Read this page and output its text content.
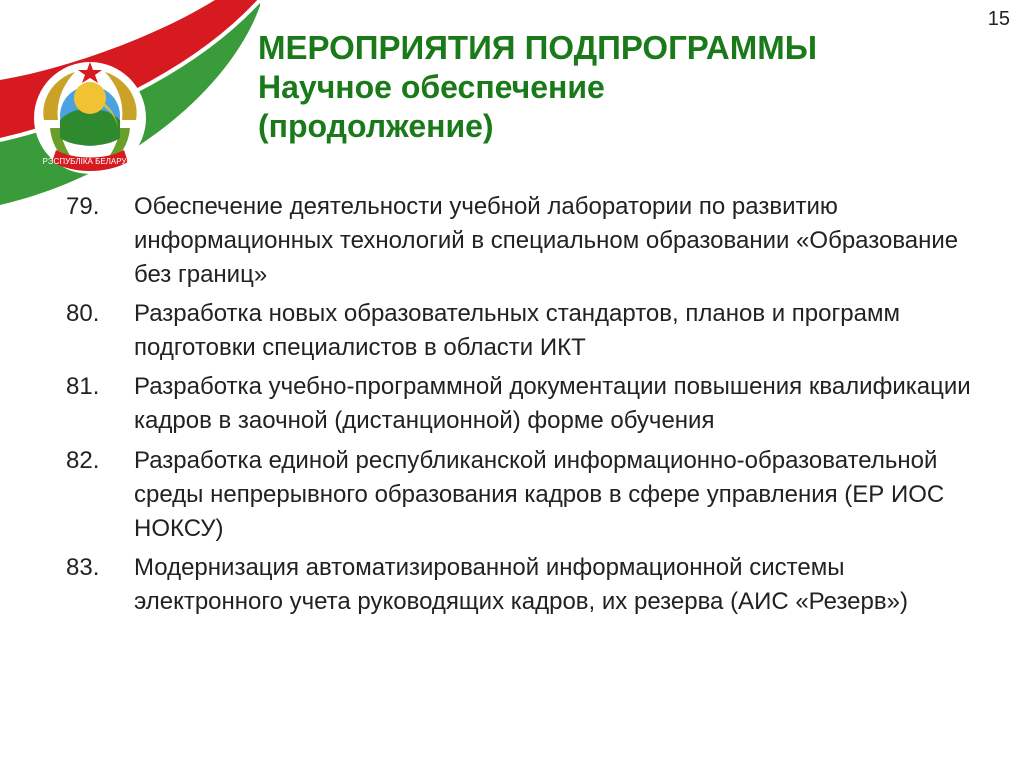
РЭСПУБЛІКА БЕЛАРУСЬ
15
МЕРОПРИЯТИЯ ПОДПРОГРАММЫ
Научное обеспечение
(продолжение)
79.	Обеспечение деятельности учебной лаборатории по развитию информационных технологий в специальном образовании «Образование без границ»
80.	Разработка новых образовательных стандартов, планов и программ подготовки специалистов в области ИКТ
81.	Разработка учебно-программной документации повышения квалификации кадров в заочной (дистанционной) форме обучения
82.	Разработка единой республиканской информационно-образовательной среды непрерывного образования кадров в сфере управления (ЕР ИОС НОКСУ)
83.	Модернизация автоматизированной информационной системы электронного учета руководящих кадров, их резерва (АИС «Резерв»)
